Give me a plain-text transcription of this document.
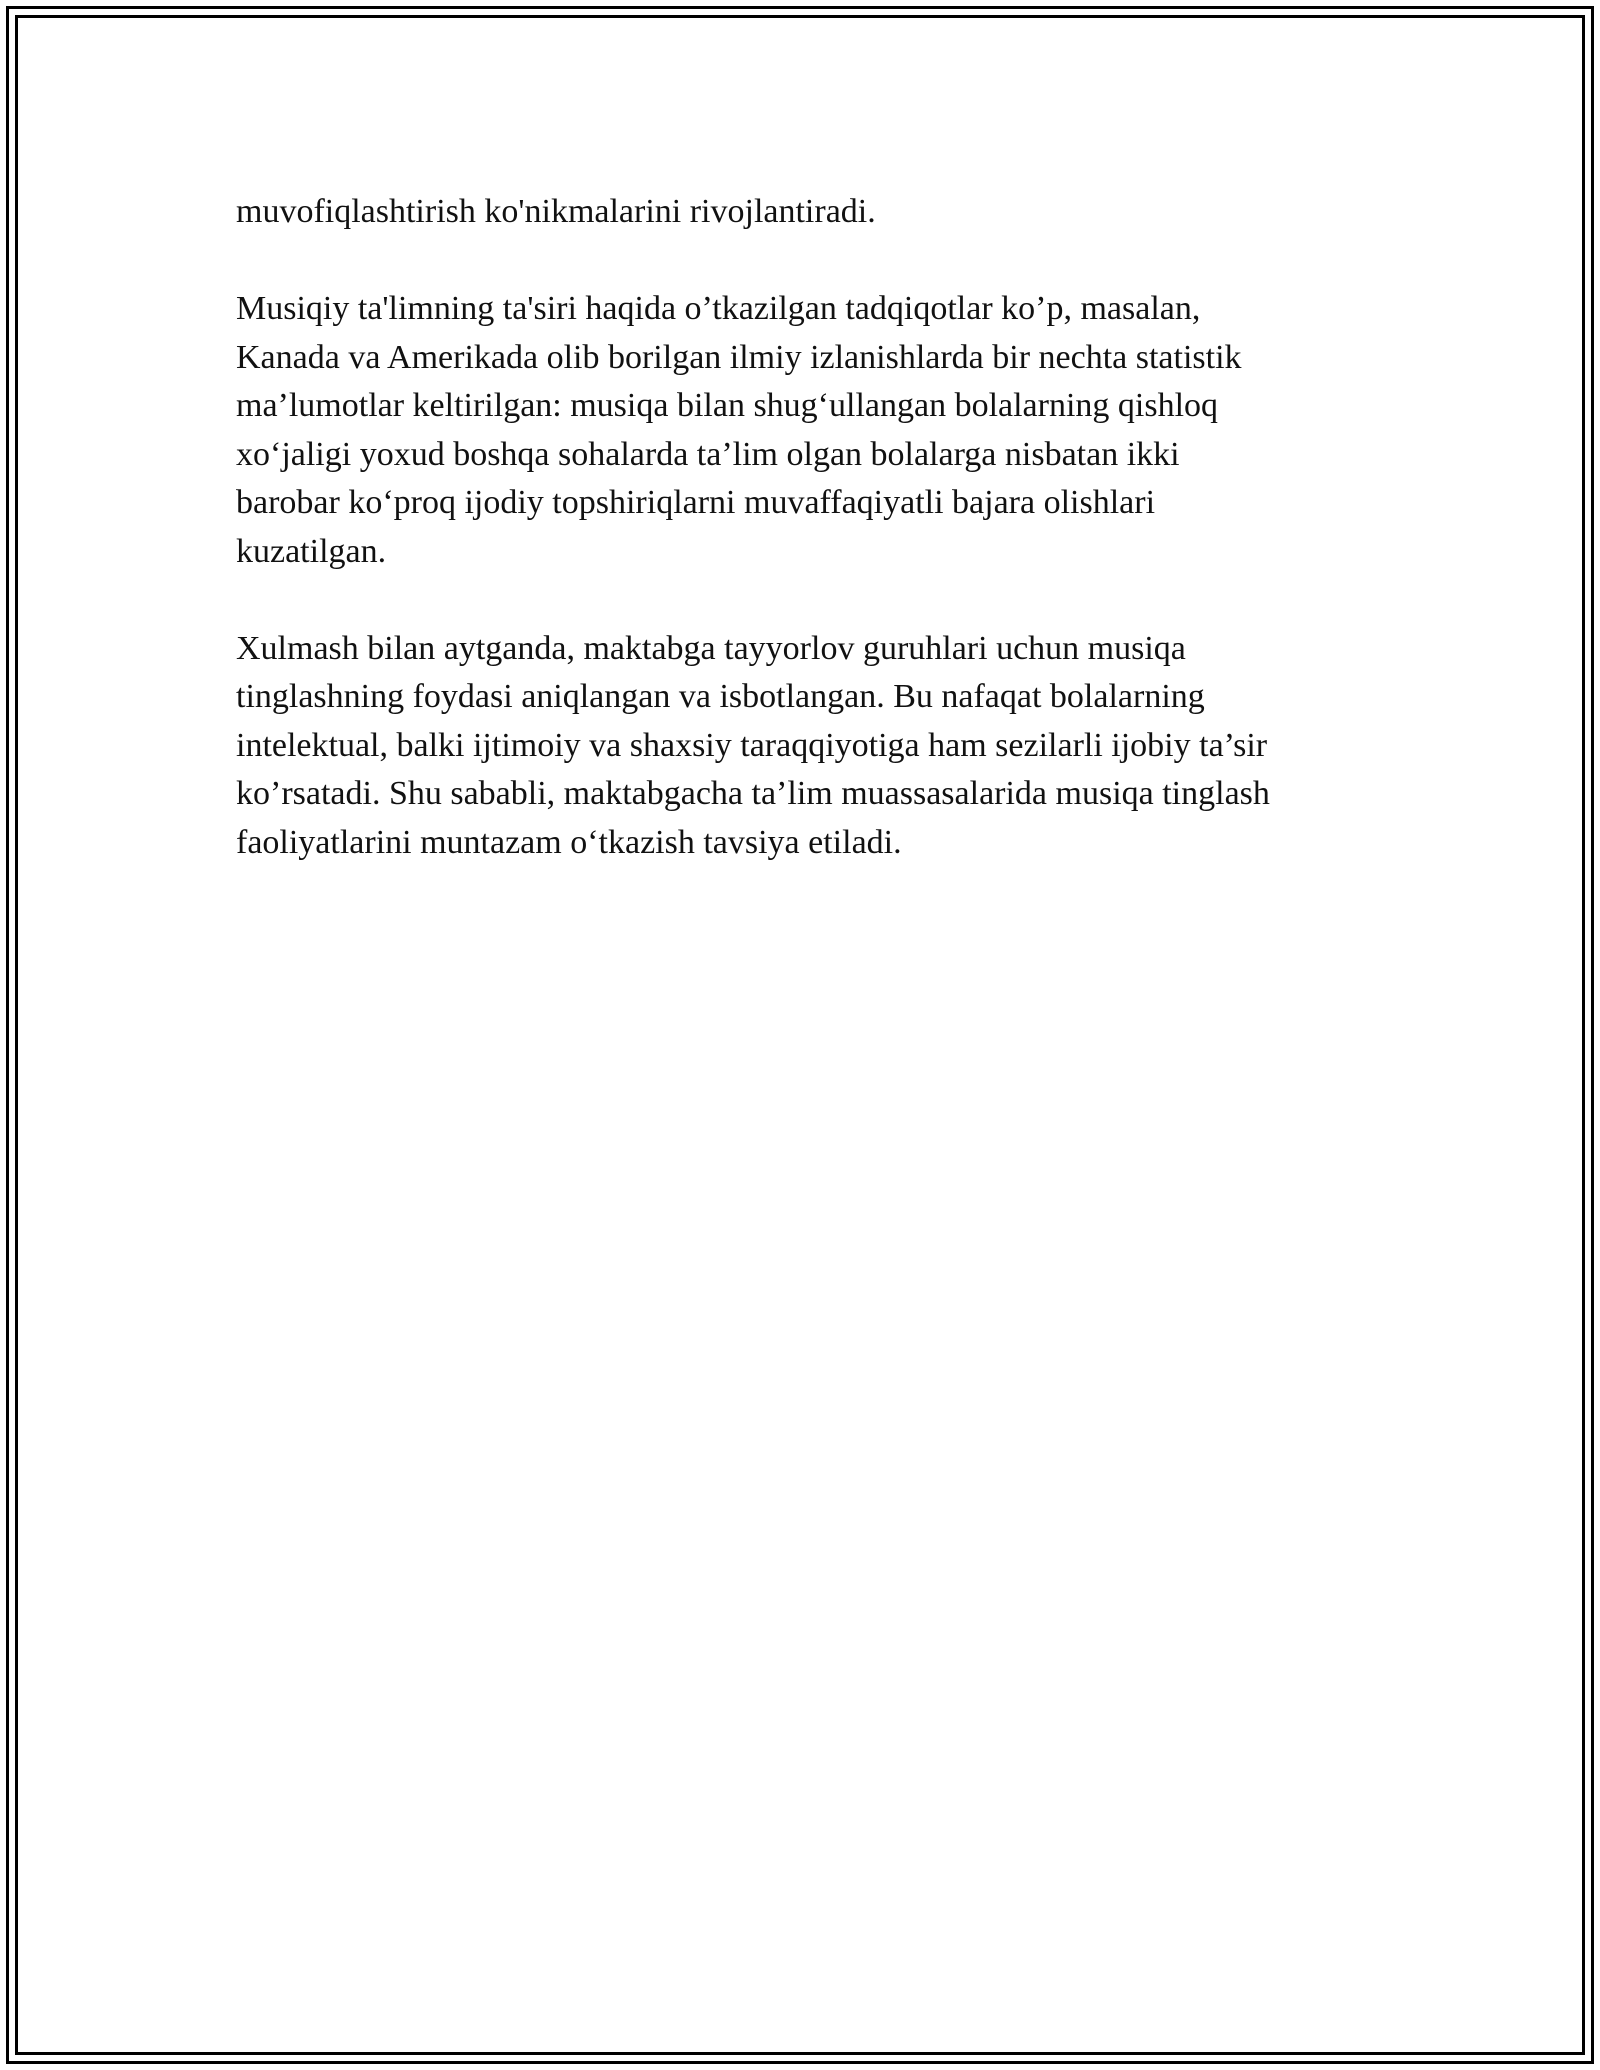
muvofiqlashtirish ko'nikmalarini rivojlantiradi.

Musiqiy ta'limning ta'siri haqida o’tkazilgan tadqiqotlar ko’p, masalan,
Kanada va Amerikada olib borilgan ilmiy izlanishlarda bir nechta statistik
ma’lumotlar keltirilgan: musiqa bilan shug‘ullangan bolalarning qishloq
xo‘jaligi yoxud boshqa sohalarda ta’lim olgan bolalarga nisbatan ikki
barobar ko‘proq ijodiy topshiriqlarni muvaffaqiyatli bajara olishlari
kuzatilgan.

Xulmash bilan aytganda, maktabga tayyorlov guruhlari uchun musiqa
tinglashning foydasi aniqlangan va isbotlangan. Bu nafaqat bolalarning
intelektual, balki ijtimoiy va shaxsiy taraqqiyotiga ham sezilarli ijobiy ta’sir
ko’rsatadi. Shu sababli, maktabgacha ta’lim muassasalarida musiqa tinglash
faoliyatlarini muntazam o‘tkazish tavsiya etiladi.
